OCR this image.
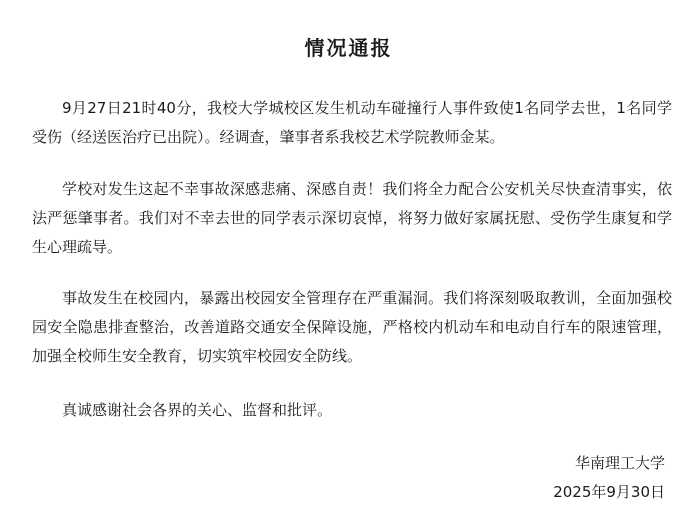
情况通报

9月27日21时40分，我校大学城校区发生机动车碰撞行人事件致使1名同学去世，1名同学受伤（经送医治疗已出院）。经调查，肇事者系我校艺术学院教师金某。

学校对发生这起不幸事故深感悲痛、深感自责！我们将全力配合公安机关尽快查清事实，依法严惩肇事者。我们对不幸去世的同学表示深切哀悼，将努力做好家属抚慰、受伤学生康复和学生心理疏导。

事故发生在校园内，暴露出校园安全管理存在严重漏洞。我们将深刻吸取教训，全面加强校园安全隐患排查整治，改善道路交通安全保障设施，严格校内机动车和电动自行车的限速管理，加强全校师生安全教育，切实筑牢校园安全防线。

真诚感谢社会各界的关心、监督和批评。

华南理工大学
2025年9月30日
